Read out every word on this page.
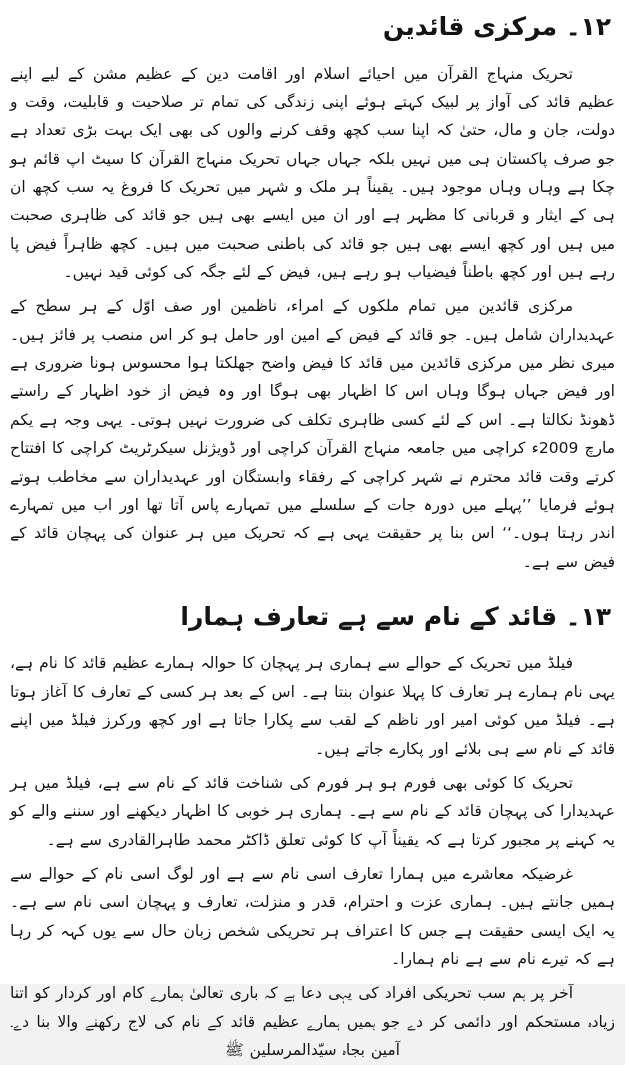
۱۲۔ مرکزی قائدین

تحریک منہاج القرآن میں احیائے اسلام اور اقامت دین کے عظیم مشن کے لیے اپنے عظیم قائد کی آواز پر لبیک کہتے ہوئے اپنی زندگی کی تمام تر صلاحیت و قابلیت، وقت و دولت، جان و مال، حتیٰ کہ اپنا سب کچھ وقف کرنے والوں کی بھی ایک بہت بڑی تعداد ہے جو صرف پاکستان ہی میں نہیں بلکہ جہاں جہاں تحریک منہاج القرآن کا سیٹ اپ قائم ہو چکا ہے وہاں وہاں موجود ہیں۔ یقیناً ہر ملک و شہر میں تحریک کا فروغ یہ سب کچھ ان ہی کے ایثار و قربانی کا مظہر ہے اور ان میں ایسے بھی ہیں جو قائد کی ظاہری صحبت میں ہیں اور کچھ ایسے بھی ہیں جو قائد کی باطنی صحبت میں ہیں۔ کچھ ظاہراً فیض پا رہے ہیں اور کچھ باطناً فیضیاب ہو رہے ہیں، فیض کے لئے جگہ کی کوئی قید نہیں۔

مرکزی قائدین میں تمام ملکوں کے امراء، ناظمین اور صف اوّل کے ہر سطح کے عہدیداران شامل ہیں۔ جو قائد کے فیض کے امین اور حامل ہو کر اس منصب پر فائز ہیں۔ میری نظر میں مرکزی قائدین میں قائد کا فیض واضح جھلکتا ہوا محسوس ہونا ضروری ہے اور فیض جہاں ہوگا وہاں اس کا اظہار بھی ہوگا اور وہ فیض از خود اظہار کے راستے ڈھونڈ نکالتا ہے۔ اس کے لئے کسی ظاہری تکلف کی ضرورت نہیں ہوتی۔ یہی وجہ ہے یکم مارچ 2009ء کراچی میں جامعہ منہاج القرآن کراچی اور ڈویژنل سیکرٹریٹ کراچی کا افتتاح کرتے وقت قائد محترم نے شہر کراچی کے رفقاء وابستگان اور عہدیداران سے مخاطب ہوتے ہوئے فرمایا ’’پہلے میں دورہ جات کے سلسلے میں تمہارے پاس آتا تھا اور اب میں تمہارے اندر رہتا ہوں۔‘‘ اس بنا پر حقیقت یہی ہے کہ تحریک میں ہر عنوان کی پہچان قائد کے فیض سے ہے۔

۱۳۔ قائد کے نام سے ہے تعارف ہمارا

فیلڈ میں تحریک کے حوالے سے ہماری ہر پہچان کا حوالہ ہمارے عظیم قائد کا نام ہے، یہی نام ہمارے ہر تعارف کا پہلا عنوان بنتا ہے۔ اس کے بعد ہر کسی کے تعارف کا آغاز ہوتا ہے۔ فیلڈ میں کوئی امیر اور ناظم کے لقب سے پکارا جاتا ہے اور کچھ ورکرز فیلڈ میں اپنے قائد کے نام سے ہی بلائے اور پکارے جاتے ہیں۔

تحریک کا کوئی بھی فورم ہو ہر فورم کی شناخت قائد کے نام سے ہے، فیلڈ میں ہر عہدیدارا کی پہچان قائد کے نام سے ہے۔ ہماری ہر خوبی کا اظہار دیکھنے اور سننے والے کو یہ کہنے پر مجبور کرتا ہے کہ یقیناً آپ کا کوئی تعلق ڈاکٹر محمد طاہرالقادری سے ہے۔

غرضیکہ معاشرے میں ہمارا تعارف اسی نام سے ہے اور لوگ اسی نام کے حوالے سے ہمیں جانتے ہیں۔ ہماری عزت و احترام، قدر و منزلت، تعارف و پہچان اسی نام سے ہے۔ یہ ایک ایسی حقیقت ہے جس کا اعتراف ہر تحریکی شخص زبان حال سے یوں کہہ کر رہا ہے کہ تیرے نام سے ہے نام ہمارا۔

آخر پر ہم سب تحریکی افراد کی یہی دعا ہے کہ باری تعالیٰ ہمارے کام اور کردار کو اتنا زیادہ مستحکم اور دائمی کر دے جو ہمیں ہمارے عظیم قائد کے نام کی لاج رکھنے والا بنا دے۔ آمین بجاہ سیّدالمرسلین ﷺ
